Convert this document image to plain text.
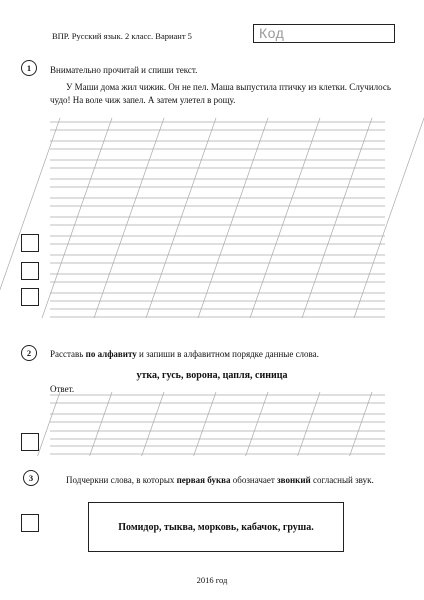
ВПР. Русский язык. 2 класс. Вариант 5	Код
1	Внимательно прочитай и спиши текст.
У Маши дома жил чижик. Он не пел. Маша выпустила птичку из клетки. Случилось чудо! На воле чиж запел. А затем улетел в рощу.
2	Расставь по алфавиту и запиши в алфавитном порядке данные слова.
утка, гусь, ворона, цапля, синица
Ответ.
3	Подчеркни слова, в которых первая буква обозначает звонкий согласный звук.
Помидор, тыква, морковь, кабачок, груша.
2016 год
